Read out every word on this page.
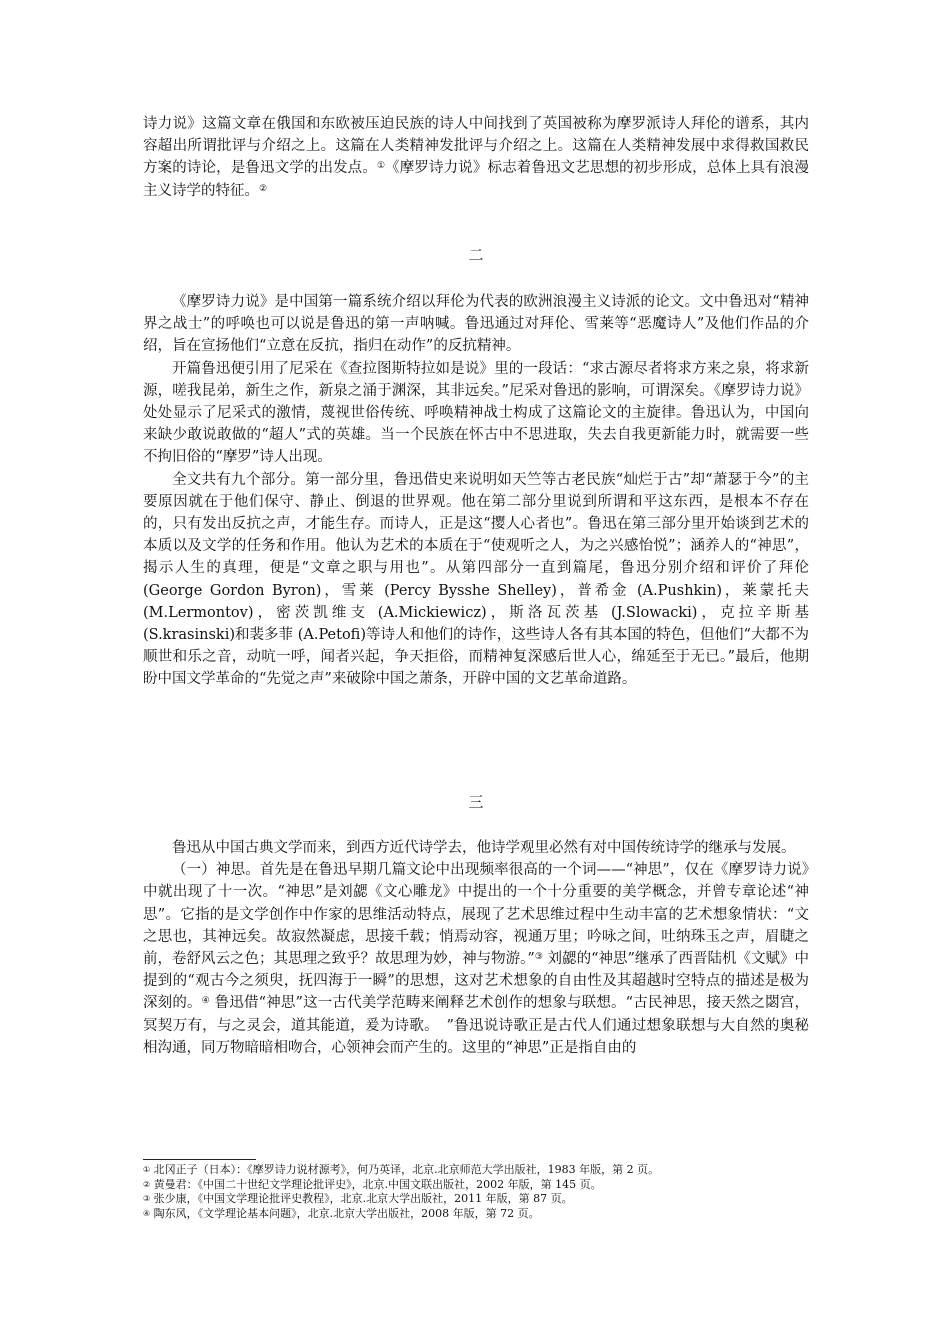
诗力说》这篇文章在俄国和东欧被压迫民族的诗人中间找到了英国被称为摩罗派诗人拜伦的谱系，其内容超出所谓批评与介绍之上。这篇在人类精神发批评与介绍之上。这篇在人类精神发展中求得救国救民方案的诗论，是鲁迅文学的出发点。①《摩罗诗力说》标志着鲁迅文艺思想的初步形成，总体上具有浪漫主义诗学的特征。②

二

《摩罗诗力说》是中国第一篇系统介绍以拜伦为代表的欧洲浪漫主义诗派的论文。文中鲁迅对“精神界之战士”的呼唤也可以说是鲁迅的第一声呐喊。鲁迅通过对拜伦、雪莱等“恶魔诗人”及他们作品的介绍，旨在宣扬他们“立意在反抗，指归在动作”的反抗精神。

开篇鲁迅便引用了尼采在《查拉图斯特拉如是说》里的一段话：“求古源尽者将求方来之泉，将求新源，嗟我昆弟，新生之作，新泉之涌于渊深，其非远矣。”尼采对鲁迅的影响，可谓深矣。《摩罗诗力说》处处显示了尼采式的激情，蔑视世俗传统、呼唤精神战士构成了这篇论文的主旋律。鲁迅认为，中国向来缺少敢说敢做的“超人”式的英雄。当一个民族在怀古中不思进取，失去自我更新能力时，就需要一些不拘旧俗的“摩罗”诗人出现。

全文共有九个部分。第一部分里，鲁迅借史来说明如天竺等古老民族“灿烂于古”却“萧瑟于今”的主要原因就在于他们保守、静止、倒退的世界观。他在第二部分里说到所谓和平这东西，是根本不存在的，只有发出反抗之声，才能生存。而诗人，正是这“撄人心者也”。鲁迅在第三部分里开始谈到艺术的本质以及文学的任务和作用。他认为艺术的本质在于“使观听之人，为之兴感怡悦”；涵养人的“神思”，揭示人生的真理，便是“文章之职与用也”。从第四部分一直到篇尾，鲁迅分别介绍和评价了拜伦 (George Gordon Byron)，雪莱 (Percy Bysshe Shelley)，普希金 (A.Pushkin)，莱蒙托夫 (M.Lermontov)，密茨凯维支 (A.Mickiewicz)，斯洛瓦茨基 (J.Slowacki)，克拉辛斯基 (S.krasinski)和裴多菲 (A.Petofi)等诗人和他们的诗作，这些诗人各有其本国的特色，但他们“大都不为顺世和乐之音，动吭一呼，闻者兴起，争天拒俗，而精神复深感后世人心，绵延至于无已。”最后，他期盼中国文学革命的“先觉之声”来破除中国之萧条，开辟中国的文艺革命道路。

三

鲁迅从中国古典文学而来，到西方近代诗学去，他诗学观里必然有对中国传统诗学的继承与发展。

（一）神思。首先是在鲁迅早期几篇文论中出现频率很高的一个词——“神思”，仅在《摩罗诗力说》中就出现了十一次。“神思”是刘勰《文心雕龙》中提出的一个十分重要的美学概念，并曾专章论述“神思”。它指的是文学创作中作家的思维活动特点，展现了艺术思维过程中生动丰富的艺术想象情状：“文之思也，其神远矣。故寂然凝虑，思接千载；悄焉动容，视通万里；吟咏之间，吐纳珠玉之声，眉睫之前，卷舒风云之色；其思理之致乎？故思理为妙，神与物游。”③ 刘勰的“神思”继承了西晋陆机《文赋》中提到的“观古今之须臾，抚四海于一瞬”的思想，这对艺术想象的自由性及其超越时空特点的描述是极为深刻的。④ 鲁迅借“神思”这一古代美学范畴来阐释艺术创作的想象与联想。“古民神思，接天然之閟宫，冥契万有，与之灵会，道其能道，爰为诗歌。　”鲁迅说诗歌正是古代人们通过想象联想与大自然的奥秘相沟通，同万物暗暗相吻合，心领神会而产生的。这里的“神思”正是指自由的

① 北冈正子（日本）：《摩罗诗力说材源考》，何乃英译，北京.北京师范大学出版社，1983 年版，第 2 页。
② 黄曼君：《中国二十世纪文学理论批评史》，北京.中国文联出版社，2002 年版，第 145 页。
③ 张少康，《中国文学理论批评史教程》，北京.北京大学出版社，2011 年版，第 87 页。
④ 陶东风，《文学理论基本问题》，北京.北京大学出版社，2008 年版，第 72 页。
